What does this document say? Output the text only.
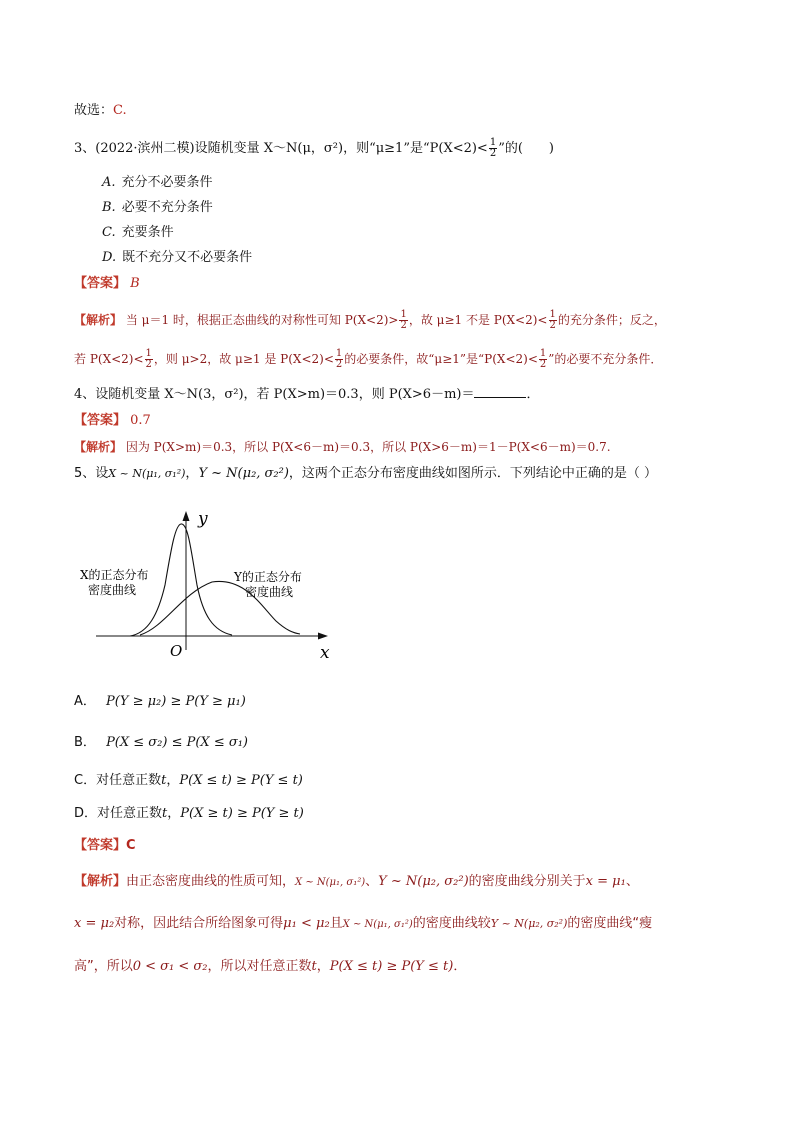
故选：C.
3、(2022·滨州二模)设随机变量 X～N(μ，σ²)，则“μ≥1”是“$P(X<2)< \frac{1}{2}$ ”的(　　)
A. 充分不必要条件
B. 必要不充分条件
C. 充要条件
D. 既不充分又不必要条件
【答案】 B
【解析】 当 μ＝1 时，根据正态曲线的对称性可知 $P(X<2)> \frac{1}{2}$ ，故 μ≥1 不是 $P(X<2)< \frac{1}{2}$ 的充分条件；反之，
若 $P(X<2)< \frac{1}{2}$ ，则 μ>2，故 μ≥1 是 $P(X<2)< \frac{1}{2}$ 的必要条件，故“μ≥1”是“$P(X<2)< \frac{1}{2}$ ”的必要不充分条件．
4、设随机变量 X～N(3，σ²)，若 P(X>m)＝0.3，则 P(X>6－m)＝	．
【答案】 0.7
【解析】 因为 P(X>m)＝0.3，所以 P(X<6－m)＝0.3，所以 P(X>6－m)＝1－P(X<6－m)＝0.7.
5、设X ~ N(μ₁, σ₁²)，Y ~ N(μ₂, σ₂²)，这两个正态分布密度曲线如图所示．下列结论中正确的是（ ）
y
x
O
X的正态分布
密度曲线
Y的正态分布
密度曲线
A． P(Y ≥ μ₂) ≥ P(Y ≥ μ₁)
B． P(X ≤ σ₂) ≤ P(X ≤ σ₁)
C．对任意正数t，P(X ≤ t) ≥ P(Y ≤ t)
D．对任意正数t，P(X ≥ t) ≥ P(Y ≥ t)
【答案】C
【解析】由正态密度曲线的性质可知，X ~ N(μ₁, σ₁²)、Y ~ N(μ₂, σ₂²)的密度曲线分别关于x = μ₁、
x = μ₂对称，因此结合所给图象可得μ₁ < μ₂且X ~ N(μ₁, σ₁²)的密度曲线较Y ~ N(μ₂, σ₂²)的密度曲线“瘦
高”，所以0 < σ₁ < σ₂，所以对任意正数t，P(X ≤ t) ≥ P(Y ≤ t)．
